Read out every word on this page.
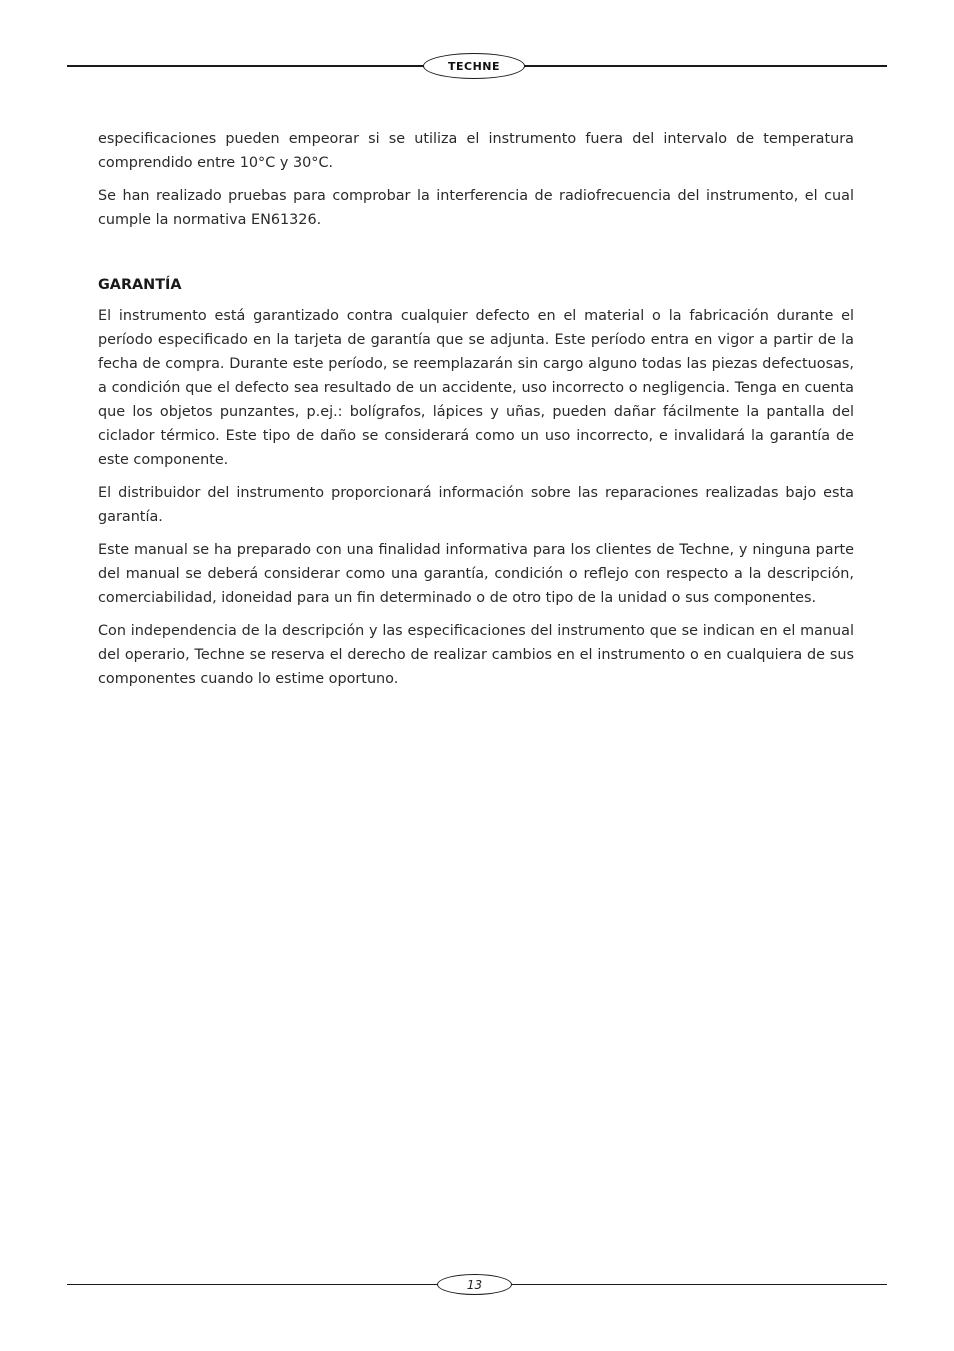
TECHNE

especificaciones pueden empeorar si se utiliza el instrumento fuera del intervalo de temperatura comprendido entre 10°C y 30°C.

Se han realizado pruebas para comprobar la interferencia de radiofrecuencia del instrumento, el cual cumple la normativa EN61326.

GARANTÍA

El instrumento está garantizado contra cualquier defecto en el material o la fabricación durante el período especificado en la tarjeta de garantía que se adjunta. Este período entra en vigor a partir de la fecha de compra. Durante este período, se reemplazarán sin cargo alguno todas las piezas defectuosas, a condición que el defecto sea resultado de un accidente, uso incorrecto o negligencia. Tenga en cuenta que los objetos punzantes, p.ej.: bolígrafos, lápices y uñas, pueden dañar fácilmente la pantalla del ciclador térmico. Este tipo de daño se considerará como un uso incorrecto, e invalidará la garantía de este componente.

El distribuidor del instrumento proporcionará información sobre las reparaciones realizadas bajo esta garantía.

Este manual se ha preparado con una finalidad informativa para los clientes de Techne, y ninguna parte del manual se deberá considerar como una garantía, condición o reflejo con respecto a la descripción, comerciabilidad, idoneidad para un fin determinado o de otro tipo de la unidad o sus componentes.

Con independencia de la descripción y las especificaciones del instrumento que se indican en el manual del operario, Techne se reserva el derecho de realizar cambios en el instrumento o en cualquiera de sus componentes cuando lo estime oportuno.

13
